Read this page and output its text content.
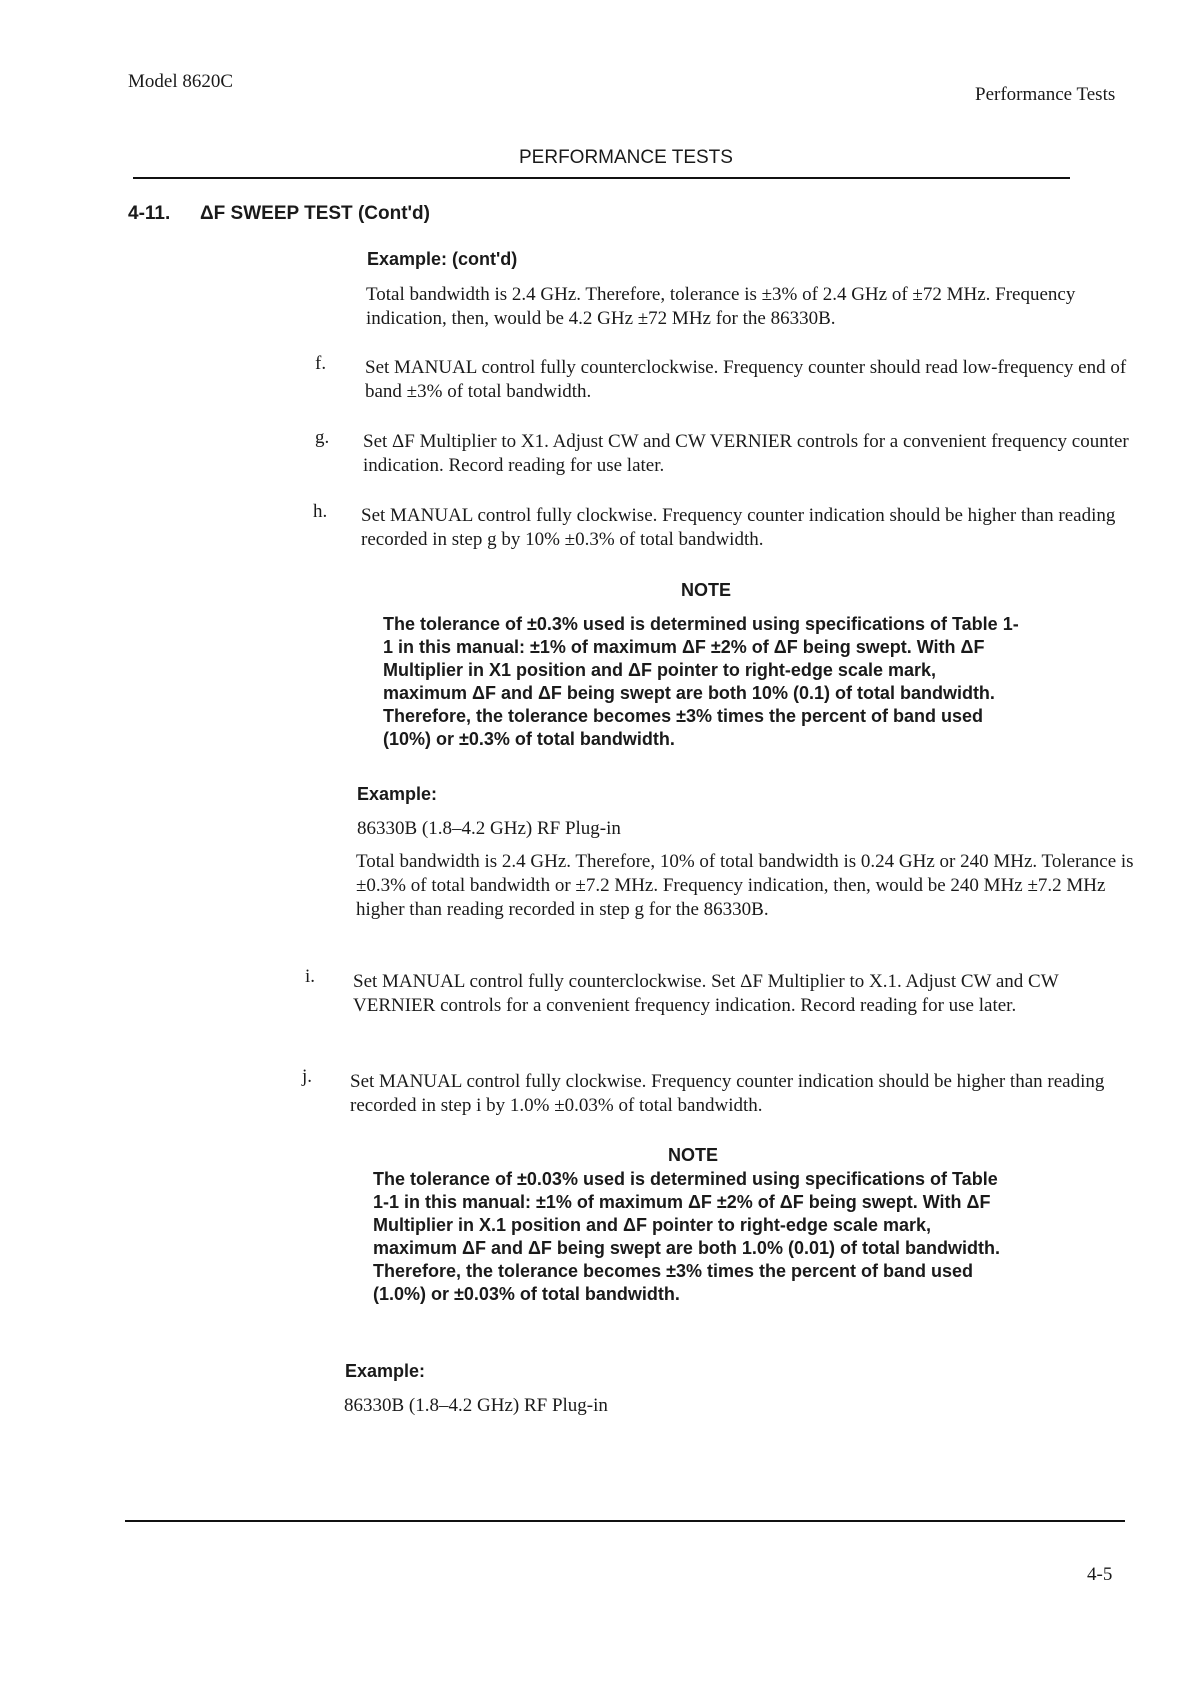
Model 8620C
Performance Tests
PERFORMANCE TESTS
4-11. ΔF SWEEP TEST (Cont'd)
Example: (cont'd)

Total bandwidth is 2.4 GHz. Therefore, tolerance is ±3% of 2.4 GHz of ±72 MHz. Frequency indication, then, would be 4.2 GHz ±72 MHz for the 86330B.

f. Set MANUAL control fully counterclockwise. Frequency counter should read low-frequency end of band ±3% of total bandwidth.

g. Set ΔF Multiplier to X1. Adjust CW and CW VERNIER controls for a convenient frequency counter indication. Record reading for use later.

h. Set MANUAL control fully clockwise. Frequency counter indication should be higher than reading recorded in step g by 10% ±0.3% of total bandwidth.

NOTE

The tolerance of ±0.3% used is determined using specifications of Table 1-1 in this manual: ±1% of maximum ΔF ±2% of ΔF being swept. With ΔF Multiplier in X1 position and ΔF pointer to right-edge scale mark, maximum ΔF and ΔF being swept are both 10% (0.1) of total bandwidth. Therefore, the tolerance becomes ±3% times the percent of band used (10%) or ±0.3% of total bandwidth.

Example:
86330B (1.8–4.2 GHz) RF Plug-in

Total bandwidth is 2.4 GHz. Therefore, 10% of total bandwidth is 0.24 GHz or 240 MHz. Tolerance is ±0.3% of total bandwidth or ±7.2 MHz. Frequency indication, then, would be 240 MHz ±7.2 MHz higher than reading recorded in step g for the 86330B.

i. Set MANUAL control fully counterclockwise. Set ΔF Multiplier to X.1. Adjust CW and CW VERNIER controls for a convenient frequency indication. Record reading for use later.

j. Set MANUAL control fully clockwise. Frequency counter indication should be higher than reading recorded in step i by 1.0% ±0.03% of total bandwidth.

NOTE

The tolerance of ±0.03% used is determined using specifications of Table 1-1 in this manual: ±1% of maximum ΔF ±2% of ΔF being swept. With ΔF Multiplier in X.1 position and ΔF pointer to right-edge scale mark, maximum ΔF and ΔF being swept are both 1.0% (0.01) of total bandwidth. Therefore, the tolerance becomes ±3% times the percent of band used (1.0%) or ±0.03% of total bandwidth.

Example:
86330B (1.8–4.2 GHz) RF Plug-in
4-5
